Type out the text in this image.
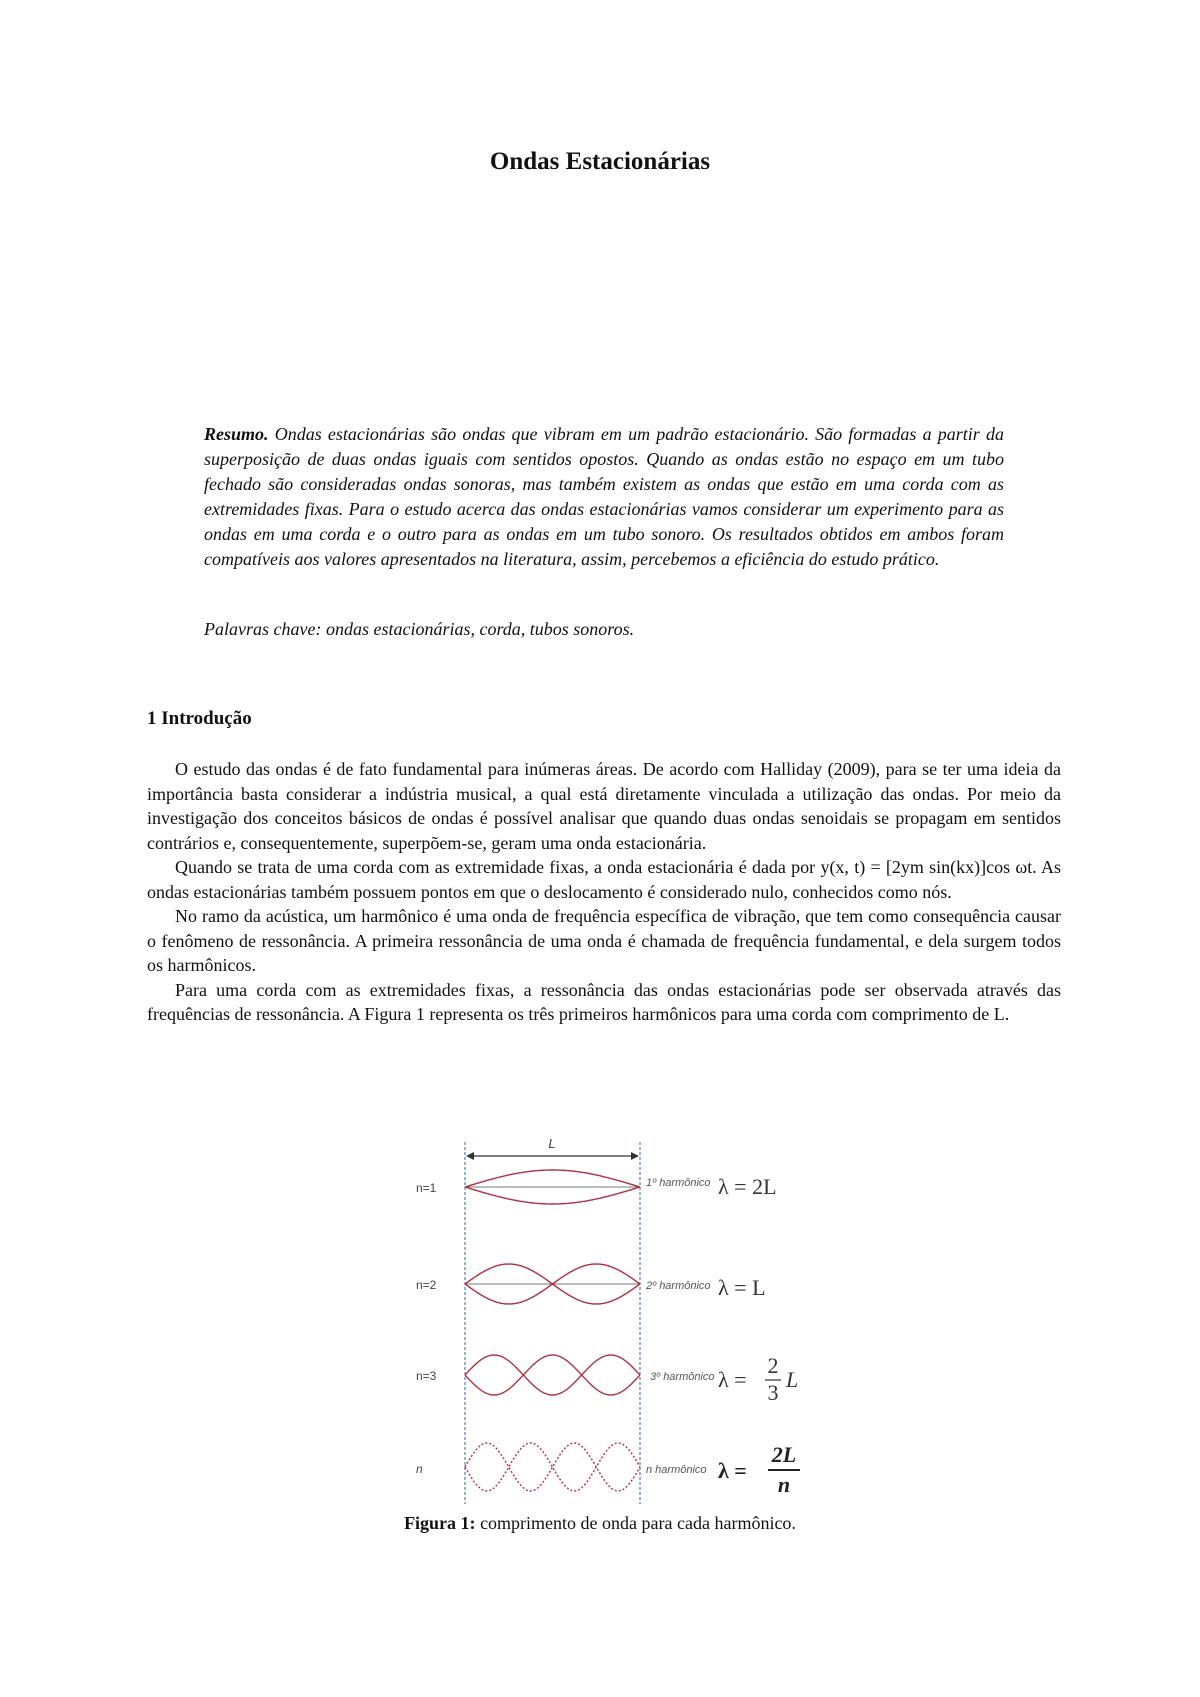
Ondas Estacionárias

Resumo. Ondas estacionárias são ondas que vibram em um padrão estacionário. São formadas a partir da superposição de duas ondas iguais com sentidos opostos. Quando as ondas estão no espaço em um tubo fechado são consideradas ondas sonoras, mas também existem as ondas que estão em uma corda com as extremidades fixas. Para o estudo acerca das ondas estacionárias vamos considerar um experimento para as ondas em uma corda e o outro para as ondas em um tubo sonoro. Os resultados obtidos em ambos foram compatíveis aos valores apresentados na literatura, assim, percebemos a eficiência do estudo prático.

Palavras chave: ondas estacionárias, corda, tubos sonoros.

1 Introdução

O estudo das ondas é de fato fundamental para inúmeras áreas. De acordo com Halliday (2009), para se ter uma ideia da importância basta considerar a indústria musical, a qual está diretamente vinculada a utilização das ondas. Por meio da investigação dos conceitos básicos de ondas é possível analisar que quando duas ondas senoidais se propagam em sentidos contrários e, consequentemente, superpõem-se, geram uma onda estacionária.

Quando se trata de uma corda com as extremidade fixas, a onda estacionária é dada por y(x, t) = [2ym sin(kx)]cos ωt. As ondas estacionárias também possuem pontos em que o deslocamento é considerado nulo, conhecidos como nós.

No ramo da acústica, um harmônico é uma onda de frequência específica de vibração, que tem como consequência causar o fenômeno de ressonância. A primeira ressonância de uma onda é chamada de frequência fundamental, e dela surgem todos os harmônicos.

Para uma corda com as extremidades fixas, a ressonância das ondas estacionárias pode ser observada através das frequências de ressonância. A Figura 1 representa os três primeiros harmônicos para uma corda com comprimento de L.

L
n=1	1º harmônico λ = 2L
n=2	2º harmônico λ = L
n=3	3º harmônico λ =
2
3
L
n	n harmônico λ =
2L
n

Figura 1: comprimento de onda para cada harmônico.
